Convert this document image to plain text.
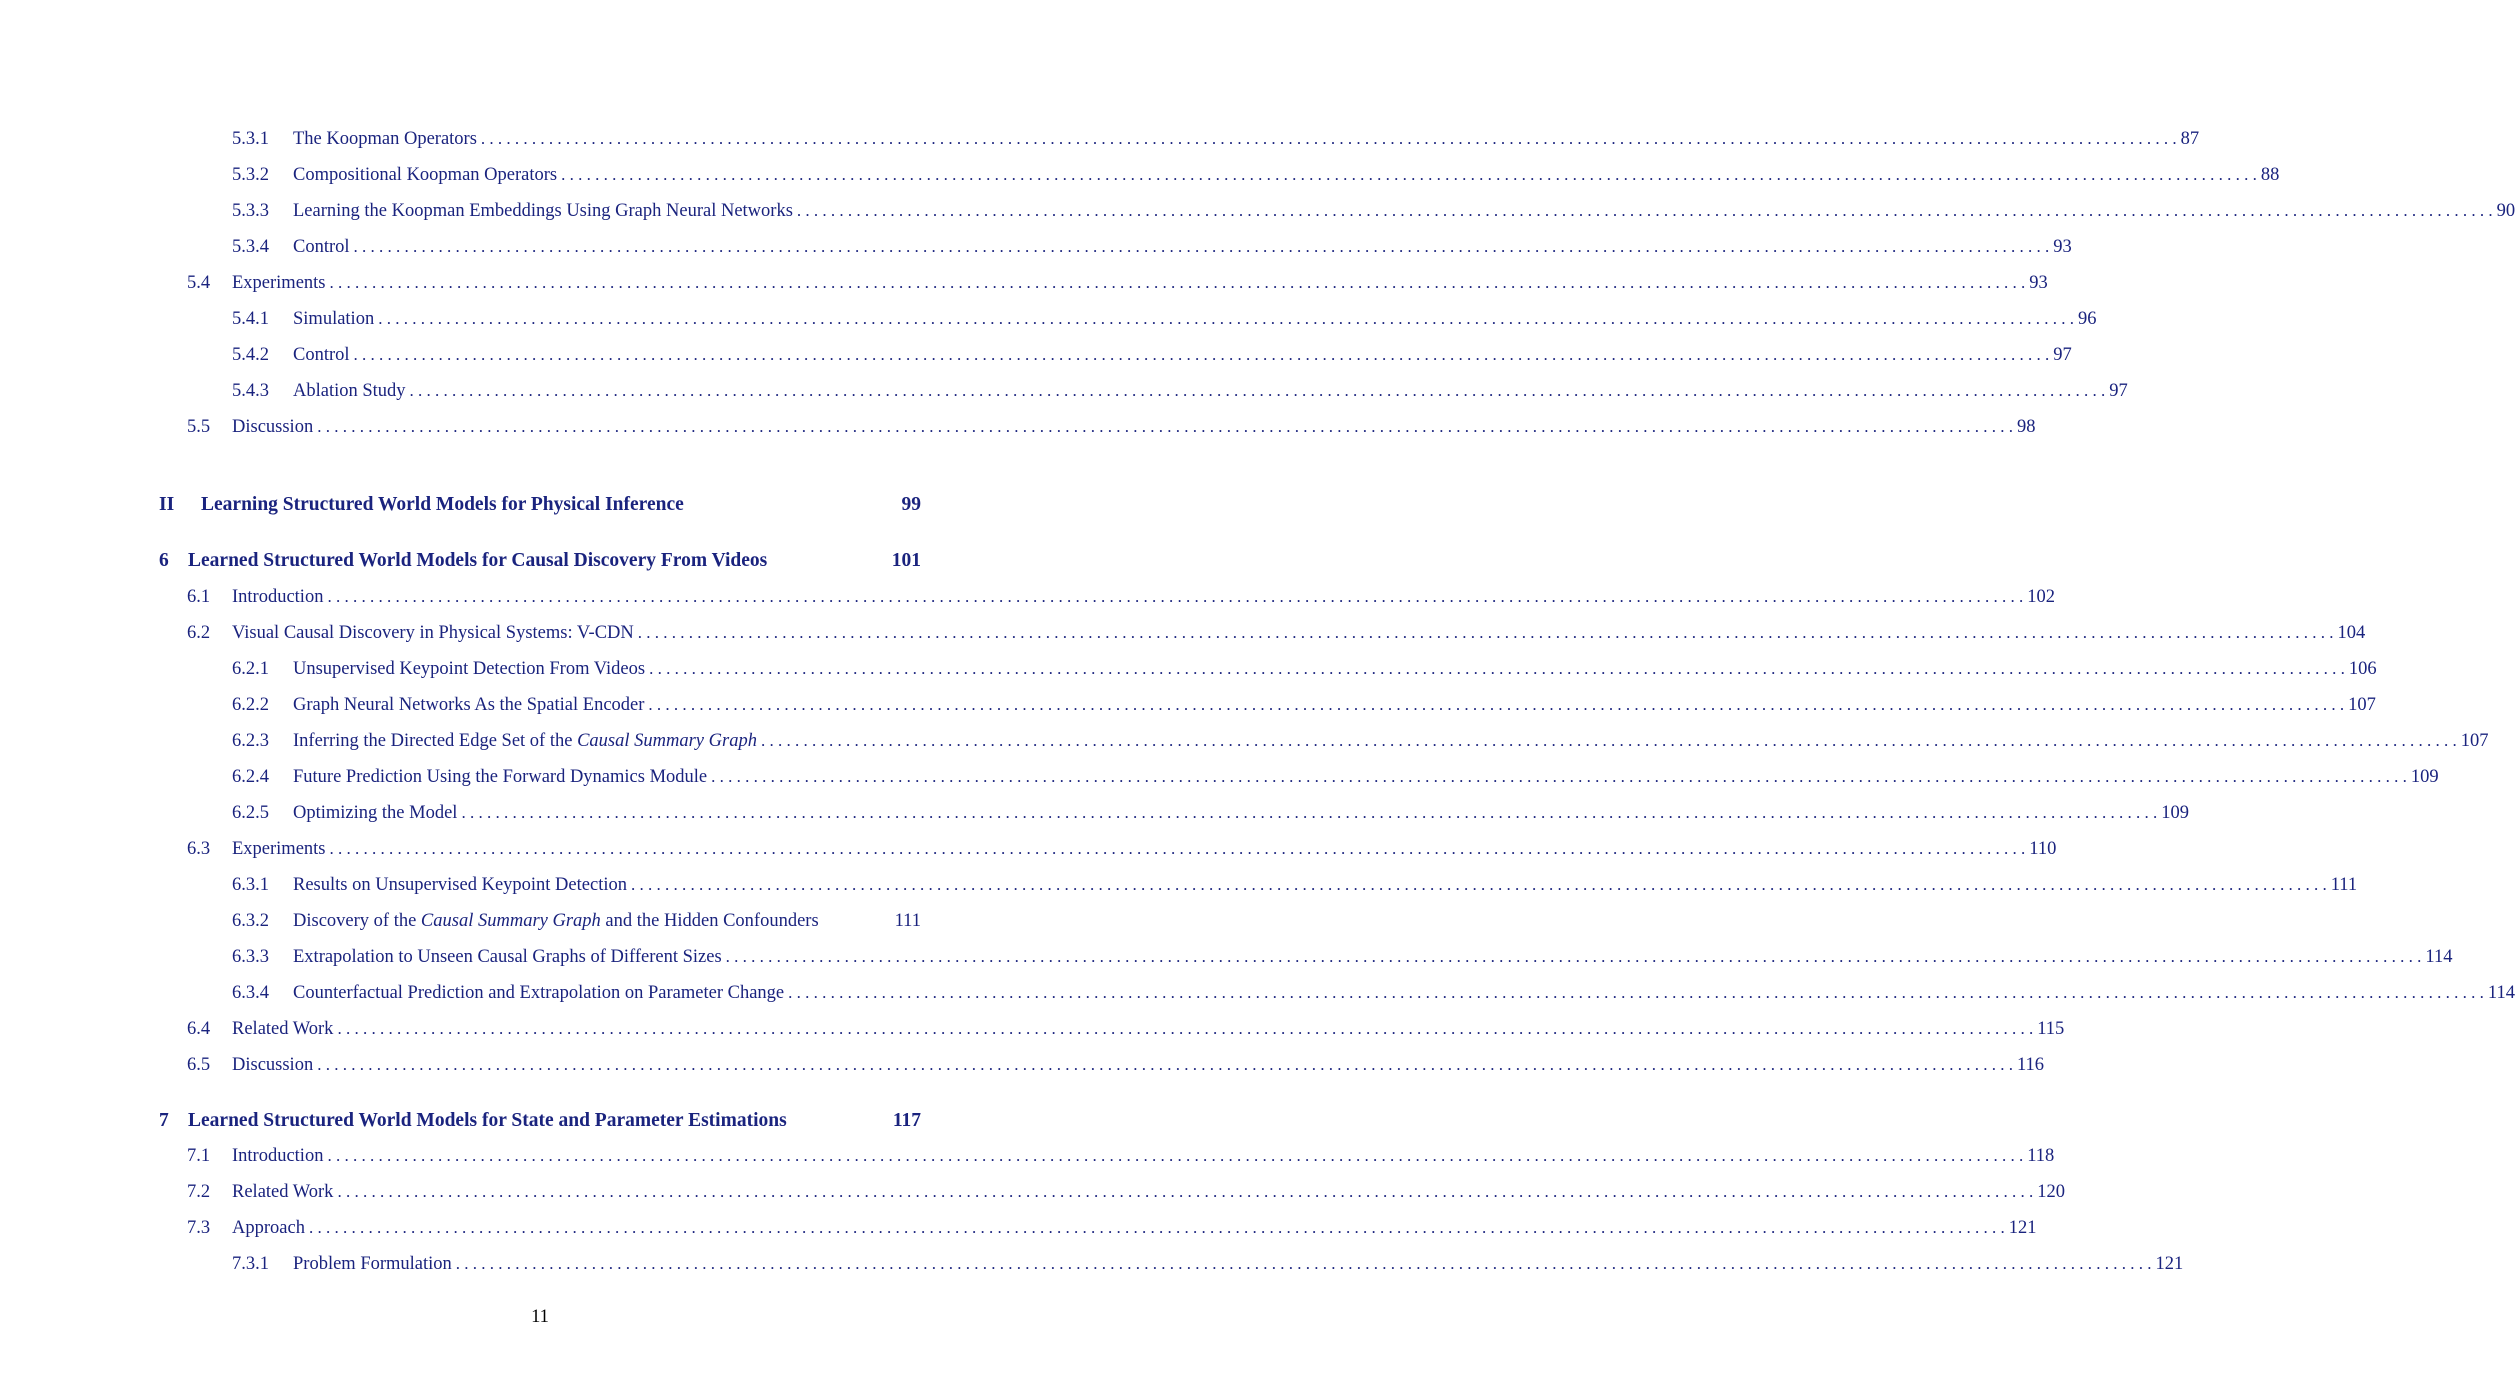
5.3.1	The Koopman Operators . . . . . . . . . . . . . . . . . . . . . . . . . . . . . . . . . . . . . . . . . . . . . . . . . . . . . . . . . . . . . . . . . . . . . . . . . . . . . . . . . . . . . . . . . . . . . . . . . . . . . . . . . . . . . . . . . . . . . . . . . . . . . . . . . . . . . . . . . . . . . . . . . . . . . . . . . . . . . . . . . . . . . . . . . . . . . . . . . . . . . . . . . . . . . . . . . . . . . . . . 87
5.3.2	Compositional Koopman Operators . . . . . . . . . . . . . . . . . . . . . . . . . . . . . . . . . . . . . . . . . . . . . . . . . . . . . . . . . . . . . . . . . . . . . . . . . . . . . . . . . . . . . . . . . . . . . . . . . . . . . . . . . . . . . . . . . . . . . . . . . . . . . . . . . . . . . . . . . . . . . . . . . . . . . . . . . . . . . . . . . . . . . . . . . . . . . . . . . . . . . . . . . . . . . . . . . . . . . . . . 88
5.3.3	Learning the Koopman Embeddings Using Graph Neural Networks . . . . . . . . . . . . . . . . . . . . . . . . . . . . . . . . . . . . . . . . . . . . . . . . . . . . . . . . . . . . . . . . . . . . . . . . . . . . . . . . . . . . . . . . . . . . . . . . . . . . . . . . . . . . . . . . . . . . . . . . . . . . . . . . . . . . . . . . . . . . . . . . . . . . . . . . . . . . . . . . . . . . . . . . . . . . . . . . . . . . . . . . . . . . . . . . . . . . . . . . 90
5.3.4	Control . . . . . . . . . . . . . . . . . . . . . . . . . . . . . . . . . . . . . . . . . . . . . . . . . . . . . . . . . . . . . . . . . . . . . . . . . . . . . . . . . . . . . . . . . . . . . . . . . . . . . . . . . . . . . . . . . . . . . . . . . . . . . . . . . . . . . . . . . . . . . . . . . . . . . . . . . . . . . . . . . . . . . . . . . . . . . . . . . . . . . . . . . . . . . . . . . . . . . . . . 93
5.4	Experiments . . . . . . . . . . . . . . . . . . . . . . . . . . . . . . . . . . . . . . . . . . . . . . . . . . . . . . . . . . . . . . . . . . . . . . . . . . . . . . . . . . . . . . . . . . . . . . . . . . . . . . . . . . . . . . . . . . . . . . . . . . . . . . . . . . . . . . . . . . . . . . . . . . . . . . . . . . . . . . . . . . . . . . . . . . . . . . . . . . . . . . . . . . . . . . . . . . . . . . . . 93
5.4.1	Simulation . . . . . . . . . . . . . . . . . . . . . . . . . . . . . . . . . . . . . . . . . . . . . . . . . . . . . . . . . . . . . . . . . . . . . . . . . . . . . . . . . . . . . . . . . . . . . . . . . . . . . . . . . . . . . . . . . . . . . . . . . . . . . . . . . . . . . . . . . . . . . . . . . . . . . . . . . . . . . . . . . . . . . . . . . . . . . . . . . . . . . . . . . . . . . . . . . . . . . . . . 96
5.4.2	Control . . . . . . . . . . . . . . . . . . . . . . . . . . . . . . . . . . . . . . . . . . . . . . . . . . . . . . . . . . . . . . . . . . . . . . . . . . . . . . . . . . . . . . . . . . . . . . . . . . . . . . . . . . . . . . . . . . . . . . . . . . . . . . . . . . . . . . . . . . . . . . . . . . . . . . . . . . . . . . . . . . . . . . . . . . . . . . . . . . . . . . . . . . . . . . . . . . . . . . . . 97
5.4.3	Ablation Study . . . . . . . . . . . . . . . . . . . . . . . . . . . . . . . . . . . . . . . . . . . . . . . . . . . . . . . . . . . . . . . . . . . . . . . . . . . . . . . . . . . . . . . . . . . . . . . . . . . . . . . . . . . . . . . . . . . . . . . . . . . . . . . . . . . . . . . . . . . . . . . . . . . . . . . . . . . . . . . . . . . . . . . . . . . . . . . . . . . . . . . . . . . . . . . . . . . . . . . . 97
5.5	Discussion . . . . . . . . . . . . . . . . . . . . . . . . . . . . . . . . . . . . . . . . . . . . . . . . . . . . . . . . . . . . . . . . . . . . . . . . . . . . . . . . . . . . . . . . . . . . . . . . . . . . . . . . . . . . . . . . . . . . . . . . . . . . . . . . . . . . . . . . . . . . . . . . . . . . . . . . . . . . . . . . . . . . . . . . . . . . . . . . . . . . . . . . . . . . . . . . . . . . . . . . 98
II	Learning Structured World Models for Physical Inference	99
6 Learned Structured World Models for Causal Discovery From Videos	101
6.1	Introduction . . . . . . . . . . . . . . . . . . . . . . . . . . . . . . . . . . . . . . . . . . . . . . . . . . . . . . . . . . . . . . . . . . . . . . . . . . . . . . . . . . . . . . . . . . . . . . . . . . . . . . . . . . . . . . . . . . . . . . . . . . . . . . . . . . . . . . . . . . . . . . . . . . . . . . . . . . . . . . . . . . . . . . . . . . . . . . . . . . . . . . . . . . . . . . . . . . . . . . . . 102
6.2	Visual Causal Discovery in Physical Systems: V-CDN . . . . . . . . . . . . . . . . . . . . . . . . . . . . . . . . . . . . . . . . . . . . . . . . . . . . . . . . . . . . . . . . . . . . . . . . . . . . . . . . . . . . . . . . . . . . . . . . . . . . . . . . . . . . . . . . . . . . . . . . . . . . . . . . . . . . . . . . . . . . . . . . . . . . . . . . . . . . . . . . . . . . . . . . . . . . . . . . . . . . . . . . . . . . . . . . . . . . . . . . 104
6.2.1	Unsupervised Keypoint Detection From Videos . . . . . . . . . . . . . . . . . . . . . . . . . . . . . . . . . . . . . . . . . . . . . . . . . . . . . . . . . . . . . . . . . . . . . . . . . . . . . . . . . . . . . . . . . . . . . . . . . . . . . . . . . . . . . . . . . . . . . . . . . . . . . . . . . . . . . . . . . . . . . . . . . . . . . . . . . . . . . . . . . . . . . . . . . . . . . . . . . . . . . . . . . . . . . . . . . . . . . . . . 106
6.2.2	Graph Neural Networks As the Spatial Encoder . . . . . . . . . . . . . . . . . . . . . . . . . . . . . . . . . . . . . . . . . . . . . . . . . . . . . . . . . . . . . . . . . . . . . . . . . . . . . . . . . . . . . . . . . . . . . . . . . . . . . . . . . . . . . . . . . . . . . . . . . . . . . . . . . . . . . . . . . . . . . . . . . . . . . . . . . . . . . . . . . . . . . . . . . . . . . . . . . . . . . . . . . . . . . . . . . . . . . . . . 107
6.2.3	Inferring the Directed Edge Set of the Causal Summary Graph . . . . . . . . . . . . . . . . . . . . . . . . . . . . . . . . . . . . . . . . . . . . . . . . . . . . . . . . . . . . . . . . . . . . . . . . . . . . . . . . . . . . . . . . . . . . . . . . . . . . . . . . . . . . . . . . . . . . . . . . . . . . . . . . . . . . . . . . . . . . . . . . . . . . . . . . . . . . . . . . . . . . . . . . . . . . . . . . . . . . . . . . . . . . . . . . . . . . . . . . 107
6.2.4	Future Prediction Using the Forward Dynamics Module . . . . . . . . . . . . . . . . . . . . . . . . . . . . . . . . . . . . . . . . . . . . . . . . . . . . . . . . . . . . . . . . . . . . . . . . . . . . . . . . . . . . . . . . . . . . . . . . . . . . . . . . . . . . . . . . . . . . . . . . . . . . . . . . . . . . . . . . . . . . . . . . . . . . . . . . . . . . . . . . . . . . . . . . . . . . . . . . . . . . . . . . . . . . . . . . . . . . . . . . 109
6.2.5	Optimizing the Model . . . . . . . . . . . . . . . . . . . . . . . . . . . . . . . . . . . . . . . . . . . . . . . . . . . . . . . . . . . . . . . . . . . . . . . . . . . . . . . . . . . . . . . . . . . . . . . . . . . . . . . . . . . . . . . . . . . . . . . . . . . . . . . . . . . . . . . . . . . . . . . . . . . . . . . . . . . . . . . . . . . . . . . . . . . . . . . . . . . . . . . . . . . . . . . . . . . . . . . . 109
6.3	Experiments . . . . . . . . . . . . . . . . . . . . . . . . . . . . . . . . . . . . . . . . . . . . . . . . . . . . . . . . . . . . . . . . . . . . . . . . . . . . . . . . . . . . . . . . . . . . . . . . . . . . . . . . . . . . . . . . . . . . . . . . . . . . . . . . . . . . . . . . . . . . . . . . . . . . . . . . . . . . . . . . . . . . . . . . . . . . . . . . . . . . . . . . . . . . . . . . . . . . . . . . 110
6.3.1	Results on Unsupervised Keypoint Detection . . . . . . . . . . . . . . . . . . . . . . . . . . . . . . . . . . . . . . . . . . . . . . . . . . . . . . . . . . . . . . . . . . . . . . . . . . . . . . . . . . . . . . . . . . . . . . . . . . . . . . . . . . . . . . . . . . . . . . . . . . . . . . . . . . . . . . . . . . . . . . . . . . . . . . . . . . . . . . . . . . . . . . . . . . . . . . . . . . . . . . . . . . . . . . . . . . . . . . . . 111
6.3.2	Discovery of the Causal Summary Graph and the Hidden Confounders	111
6.3.3	Extrapolation to Unseen Causal Graphs of Different Sizes . . . . . . . . . . . . . . . . . . . . . . . . . . . . . . . . . . . . . . . . . . . . . . . . . . . . . . . . . . . . . . . . . . . . . . . . . . . . . . . . . . . . . . . . . . . . . . . . . . . . . . . . . . . . . . . . . . . . . . . . . . . . . . . . . . . . . . . . . . . . . . . . . . . . . . . . . . . . . . . . . . . . . . . . . . . . . . . . . . . . . . . . . . . . . . . . . . . . . . . . 114
6.3.4	Counterfactual Prediction and Extrapolation on Parameter Change . . . . . . . . . . . . . . . . . . . . . . . . . . . . . . . . . . . . . . . . . . . . . . . . . . . . . . . . . . . . . . . . . . . . . . . . . . . . . . . . . . . . . . . . . . . . . . . . . . . . . . . . . . . . . . . . . . . . . . . . . . . . . . . . . . . . . . . . . . . . . . . . . . . . . . . . . . . . . . . . . . . . . . . . . . . . . . . . . . . . . . . . . . . . . . . . . . . . . . . . 114
6.4	Related Work . . . . . . . . . . . . . . . . . . . . . . . . . . . . . . . . . . . . . . . . . . . . . . . . . . . . . . . . . . . . . . . . . . . . . . . . . . . . . . . . . . . . . . . . . . . . . . . . . . . . . . . . . . . . . . . . . . . . . . . . . . . . . . . . . . . . . . . . . . . . . . . . . . . . . . . . . . . . . . . . . . . . . . . . . . . . . . . . . . . . . . . . . . . . . . . . . . . . . . . . 115
6.5	Discussion . . . . . . . . . . . . . . . . . . . . . . . . . . . . . . . . . . . . . . . . . . . . . . . . . . . . . . . . . . . . . . . . . . . . . . . . . . . . . . . . . . . . . . . . . . . . . . . . . . . . . . . . . . . . . . . . . . . . . . . . . . . . . . . . . . . . . . . . . . . . . . . . . . . . . . . . . . . . . . . . . . . . . . . . . . . . . . . . . . . . . . . . . . . . . . . . . . . . . . . . 116
7 Learned Structured World Models for State and Parameter Estimations	117
7.1	Introduction . . . . . . . . . . . . . . . . . . . . . . . . . . . . . . . . . . . . . . . . . . . . . . . . . . . . . . . . . . . . . . . . . . . . . . . . . . . . . . . . . . . . . . . . . . . . . . . . . . . . . . . . . . . . . . . . . . . . . . . . . . . . . . . . . . . . . . . . . . . . . . . . . . . . . . . . . . . . . . . . . . . . . . . . . . . . . . . . . . . . . . . . . . . . . . . . . . . . . . . . 118
7.2	Related Work . . . . . . . . . . . . . . . . . . . . . . . . . . . . . . . . . . . . . . . . . . . . . . . . . . . . . . . . . . . . . . . . . . . . . . . . . . . . . . . . . . . . . . . . . . . . . . . . . . . . . . . . . . . . . . . . . . . . . . . . . . . . . . . . . . . . . . . . . . . . . . . . . . . . . . . . . . . . . . . . . . . . . . . . . . . . . . . . . . . . . . . . . . . . . . . . . . . . . . . . 120
7.3	Approach . . . . . . . . . . . . . . . . . . . . . . . . . . . . . . . . . . . . . . . . . . . . . . . . . . . . . . . . . . . . . . . . . . . . . . . . . . . . . . . . . . . . . . . . . . . . . . . . . . . . . . . . . . . . . . . . . . . . . . . . . . . . . . . . . . . . . . . . . . . . . . . . . . . . . . . . . . . . . . . . . . . . . . . . . . . . . . . . . . . . . . . . . . . . . . . . . . . . . . . . 121
7.3.1	Problem Formulation . . . . . . . . . . . . . . . . . . . . . . . . . . . . . . . . . . . . . . . . . . . . . . . . . . . . . . . . . . . . . . . . . . . . . . . . . . . . . . . . . . . . . . . . . . . . . . . . . . . . . . . . . . . . . . . . . . . . . . . . . . . . . . . . . . . . . . . . . . . . . . . . . . . . . . . . . . . . . . . . . . . . . . . . . . . . . . . . . . . . . . . . . . . . . . . . . . . . . . . . 121
11
